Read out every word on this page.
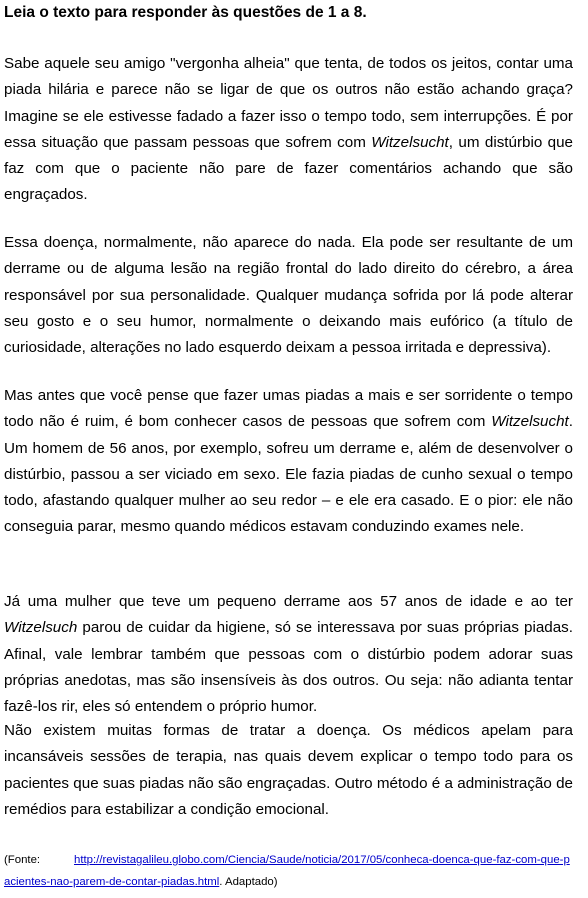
Leia o texto para responder às questões de 1 a 8.

Sabe aquele seu amigo "vergonha alheia" que tenta, de todos os jeitos, contar uma piada hilária e parece não se ligar de que os outros não estão achando graça? Imagine se ele estivesse fadado a fazer isso o tempo todo, sem interrupções. É por essa situação que passam pessoas que sofrem com Witzelsucht, um distúrbio que faz com que o paciente não pare de fazer comentários achando que são engraçados.

Essa doença, normalmente, não aparece do nada. Ela pode ser resultante de um derrame ou de alguma lesão na região frontal do lado direito do cérebro, a área responsável por sua personalidade. Qualquer mudança sofrida por lá pode alterar seu gosto e o seu humor, normalmente o deixando mais eufórico (a título de curiosidade, alterações no lado esquerdo deixam a pessoa irritada e depressiva).

Mas antes que você pense que fazer umas piadas a mais e ser sorridente o tempo todo não é ruim, é bom conhecer casos de pessoas que sofrem com Witzelsucht. Um homem de 56 anos, por exemplo, sofreu um derrame e, além de desenvolver o distúrbio, passou a ser viciado em sexo. Ele fazia piadas de cunho sexual o tempo todo, afastando qualquer mulher ao seu redor – e ele era casado. E o pior: ele não conseguia parar, mesmo quando médicos estavam conduzindo exames nele.

Já uma mulher que teve um pequeno derrame aos 57 anos de idade e ao ter Witzelsuch parou de cuidar da higiene, só se interessava por suas próprias piadas. Afinal, vale lembrar também que pessoas com o distúrbio podem adorar suas próprias anedotas, mas são insensíveis às dos outros. Ou seja: não adianta tentar fazê-los rir, eles só entendem o próprio humor.

Não existem muitas formas de tratar a doença. Os médicos apelam para incansáveis sessões de terapia, nas quais devem explicar o tempo todo para os pacientes que suas piadas não são engraçadas. Outro método é a administração de remédios para estabilizar a condição emocional.

(Fonte:	http://revistagalileu.globo.com/Ciencia/Saude/noticia/2017/05/conheca-doenca-que-faz-com-que-pacientes-nao-parem-de-contar-piadas.html. Adaptado)
